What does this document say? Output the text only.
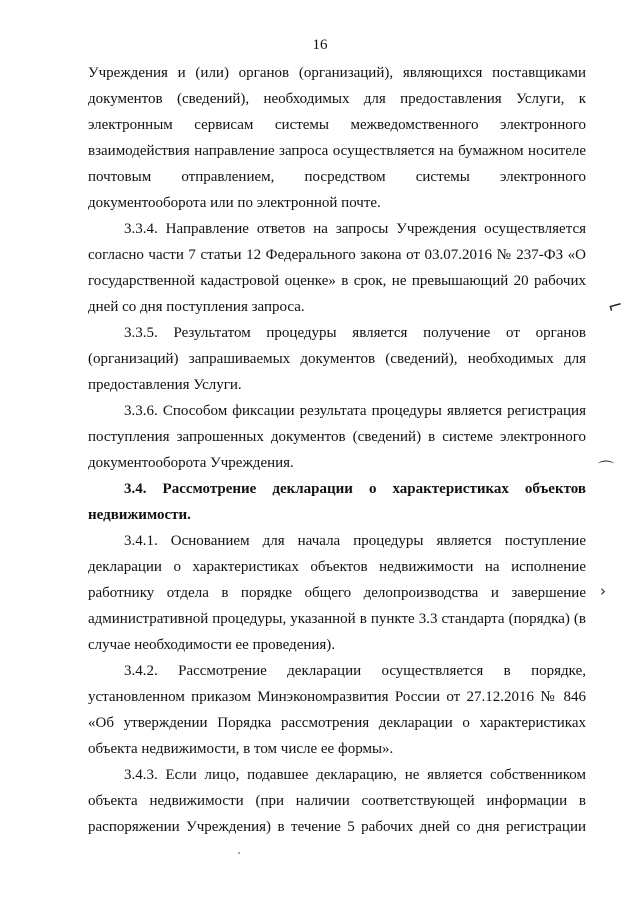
16
Учреждения и (или) органов (организаций), являющихся поставщиками
документов (сведений), необходимых для предоставления Услуги, к
электронным сервисам системы межведомственного электронного
взаимодействия направление запроса осуществляется на бумажном носителе
почтовым отправлением, посредством системы электронного
документооборота или по электронной почте.
3.3.4. Направление ответов на запросы Учреждения осуществляется
согласно части 7 статьи 12 Федерального закона от 03.07.2016 № 237-ФЗ «О
государственной кадастровой оценке» в срок, не превышающий 20 рабочих
дней со дня поступления запроса.
3.3.5. Результатом процедуры является получение от органов
(организаций) запрашиваемых документов (сведений), необходимых для
предоставления Услуги.
3.3.6. Способом фиксации результата процедуры является регистрация
поступления запрошенных документов (сведений) в системе электронного
документооборота Учреждения.
3.4. Рассмотрение декларации о характеристиках объектов
недвижимости.
3.4.1. Основанием для начала процедуры является поступление
декларации о характеристиках объектов недвижимости на исполнение
работнику отдела в порядке общего делопроизводства и завершение
административной процедуры, указанной в пункте 3.3 стандарта (порядка) (в
случае необходимости ее проведения).
3.4.2. Рассмотрение декларации осуществляется в порядке,
установленном приказом Минэкономразвития России от 27.12.2016 № 846
«Об утверждении Порядка рассмотрения декларации о характеристиках
объекта недвижимости, в том числе ее формы».
3.4.3. Если лицо, подавшее декларацию, не является собственником
объекта недвижимости (при наличии соответствующей информации в
распоряжении Учреждения) в течение 5 рабочих дней со дня регистрации
⌐
⌒
›
